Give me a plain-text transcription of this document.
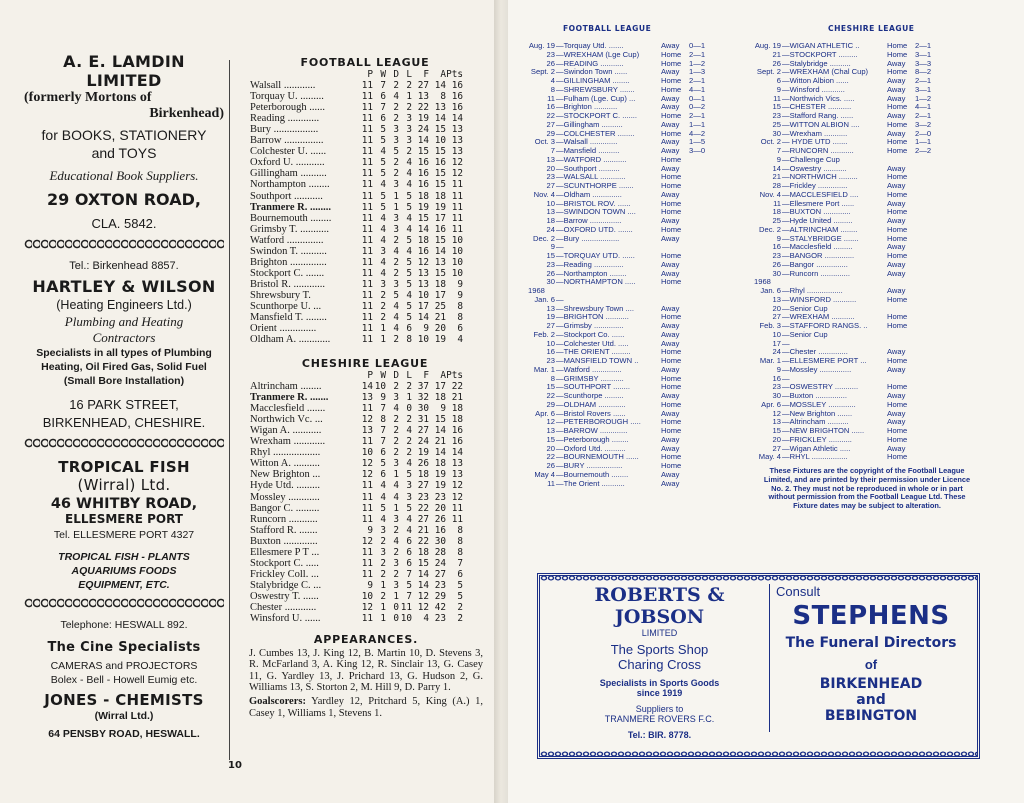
A. E. LAMDIN LIMITED
(formerly Mortons of
Birkenhead)
for BOOKS, STATIONERY
and TOYS
Educational Book Suppliers.
29 OXTON ROAD,
CLA. 5842.
Tel.: Birkenhead 8857.
HARTLEY & WILSON
(Heating Engineers Ltd.)
Plumbing and Heating
Contractors
Specialists in all types of Plumbing
Heating, Oil Fired Gas, Solid Fuel
(Small Bore Installation)
16 PARK STREET,
BIRKENHEAD, CHESHIRE.
TROPICAL FISH
(Wirral) Ltd.
46 WHITBY ROAD,
ELLESMERE PORT
Tel. ELLESMERE PORT 4327
TROPICAL FISH - PLANTS
AQUARIUMS FOODS
EQUIPMENT, ETC.
Telephone: HESWALL 892.
The Cine Specialists
CAMERAS and PROJECTORS
Bolex - Bell - Howell Eumig etc.
JONES - CHEMISTS
(Wirral Ltd.)
64 PENSBY ROAD, HESWALL.
FOOTBALL LEAGUE
P W D L	F	A Pts
Walsall ............	11 7 2 2 27 14 16
Torquay U. .........	11 6 4 1 13	8 16
Peterborough ......	11 7 2 2 22 13 16
Reading ............	11 6 2 3 19 14 14
Bury .................	11 5 3 3 24 15 13
Barrow ...............	11 5 3 3 14 10 13
Colchester U. ......	11 4 5 2 15 15 13
Oxford U. ...........	11 5 2 4 16 16 12
Gillingham ..........	11 5 2 4 16 15 12
Northampton ........	11 4 3 4 16 15 11
Southport ...........	11 5 1 5 18 18 11
Tranmere R. ........	11 5 1 5 19 19 11
Bournemouth ........	11 4 3 4 15 17 11
Grimsby T. ...........	11 4 3 4 14 16 11
Watford ..............	11 4 2 5 18 15 10
Swindon T. ..........	11 3 4 4 16 14 10
Brighton ..............	11 4 2 5 12 13 10
Stockport C. .......	11 4 2 5 13 15 10
Bristol R. ............	11 3 3 5 13 18	9
Shrewsbury T.	11 2 5 4 10 17	9
Scunthorpe U. ...	11 2 4 5 17 25	8
Mansfield T. ........	11 2 4 5 14 21	8
Orient ..............	11 1 4 6	9 20	6
Oldham A. ............	11 1 2 8 10 19	4
CHESHIRE LEAGUE
P W D L	F	A Pts
Altrincham ........	14 10 2 2 37 17 22
Tranmere R. .......	13 9 3 1 32 18 21
Macclesfield .......	11 7 4 0 30	9 18
Northwich Vc. ...	12 8 2 2 31 15 18
Wigan A. ...........	13 7 2 4 27 14 16
Wrexham ............	11 7 2 2 24 21 16
Rhyl ..................	10 6 2 2 19 14 14
Witton A. ..........	12 5 3 4 26 18 13
New Brighton ...	12 6 1 5 18 19 13
Hyde Utd. .........	11 4 4 3 27 19 12
Mossley ............	11 4 4 3 23 23 12
Bangor C. .........	11 5 1 5 22 20 11
Runcorn ...........	11 4 3 4 27 26 11
Stafford R. .......	9 3 2 4 21 16	8
Buxton .............	12 2 4 6 22 30	8
Ellesmere P T ...	11 3 2 6 18 28	8
Stockport C. .....	11 2 3 6 15 24	7
Frickley Coll. ...	11 2 2 7 14 27	6
Stalybridge C. ...	9 1 3 5 14 23	5
Oswestry T. ......	10 2 1 7 12 29	5
Chester ............	12 1 0 11 12 42	2
Winsford U. ......	11 1 0 10	4 23	2
APPEARANCES.
J. Cumbes 13, J. King 12, B. Martin 10, D. Stevens 3, R. McFarland 3, A. King 12, R. Sinclair 13, G. Casey 11, G. Yardley 13, J. Prichard 13, G. Hudson 2, G. Williams 13, S. Storton 2, M. Hill 9, D. Parry 1.
Goalscorers: Yardley 12, Pritchard 5, King (A.) 1, Casey 1, Williams 1, Stevens 1.
10
FOOTBALL LEAGUE	CHESHIRE LEAGUE
Aug. 19 —Torquay Utd. .......	Away	0—1
23 —WREXHAM (Lge Cup)	Home	2—1
26 —READING ...........	Home	1—2
Sept. 2 —Swindon Town ......	Away	1—3
4 —GILLINGHAM ........	Home	2—1
8 —SHREWSBURY .......	Home	4—1
11 —Fulham (Lge. Cup) ...	Away	0—1
16 —Brighton ...........	Away	0—2
22 —STOCKPORT C. .......	Home	2—1
27 —Gillingham ..........	Away	1—1
29 —COLCHESTER ........	Home	4—2
Oct. 3 —Walsall .............	Away	1—5
7 —Mansfield ..........	Away	3—0
13 —WATFORD ...........	Home
20 —Southport ..........	Away
23 —WALSALL ............	Home
27 —SCUNTHORPE .......	Home
Nov. 4 —Oldham ..............	Away
10 —BRISTOL ROV. ......	Home
13 —SWINDON TOWN ....	Home
18 —Barrow ...............	Away
24 —OXFORD UTD. .......	Home
Dec. 2 —Bury ..................	Away
9 —
15 —TORQUAY UTD. ......	Home
23 —Reading ..............	Away
26 —Northampton ........	Away
30 —NORTHAMPTON .....	Home
1968
Jan. 6 —
13 —Shrewsbury Town ....	Away
19 —BRIGHTON ...........	Home
27 —Grimsby ..............	Away
Feb. 2 —Stockport Co. ......	Away
10 —Colchester Utd. .....	Away
16 —THE ORIENT .........	Home
23 —MANSFIELD TOWN ..	Home
Mar. 1 —Watford ..............	Away
8 —GRIMSBY ...........	Home
15 —SOUTHPORT ........	Home
22 —Scunthorpe .........	Away
29 —OLDHAM .............	Home
Apr. 6 —Bristol Rovers ......	Away
12 —PETERBOROUGH .....	Home
13 —BARROW .............	Home
15 —Peterborough ........	Away
20 —Oxford Utd. ..........	Away
22 —BOURNEMOUTH ......	Home
26 —BURY .................	Home
May 4 —Bournemouth ........	Away
11 —The Orient ...........	Away
Aug. 19 —WIGAN ATHLETIC ..	Home	2—1
21 —STOCKPORT .........	Home	3—1
26 —Stalybridge ..........	Away	3—3
Sept. 2 —WREXHAM (Chal Cup)	Home	8—2
6 —Witton Albion ......	Away	2—1
9 —Winsford ...........	Away	3—1
11 —Northwich Vics. .....	Away	1—2
15 —CHESTER ...........	Home	4—1
23 —Stafford Rang. ......	Away	2—1
25 —WITTON ALBION ....	Home	3—2
30 —Wrexham ...........	Away	2—0
Oct. 2 — HYDE UTD .......	Home	1—1
7 —RUNCORN ...........	Home	2—2
9 —Challenge Cup
14 —Oswestry ...........	Away
21 —NORTHWICH .........	Home
28 —Frickley ..............	Away
Nov. 4 —MACCLESFIELD ....	Home
11 —Ellesmere Port ......	Away
18 —BUXTON .............	Home
25 —Hyde United .........	Away
Dec. 2 —ALTRINCHAM ........	Home
9 —STALYBRIDGE .......	Home
16 —Macclesfield .........	Away
23 —BANGOR ..............	Home
26 —Bangor ...............	Away
30 —Runcorn ..............	Away
1968
Jan. 6 —Rhyl .................	Away
13 —WINSFORD ...........	Home
20 —Senior Cup
27 —WREXHAM ...........	Home
Feb. 3 —STAFFORD RANGS. ..	Home
10 —Senior Cup
17 —
24 —Chester ..............	Away
Mar. 1 —ELLESMERE PORT ...	Home
9 —Mossley ...............	Away
16 —
23 —OSWESTRY ...........	Home
30 —Buxton ...............	Away
Apr. 6 —MOSSLEY .............	Home
12 —New Brighton .......	Away
13 —Altrincham ..........	Away
15 —NEW BRIGHTON ......	Home
20 —FRICKLEY ...........	Home
27 —Wigan Athletic .....	Away
May. 4 —RHYL .................	Home
These Fixtures are the copyright of the Football League Limited, and are printed by their permission under Licence No. 2. They must not be reproduced in whole or in part without permission from the Football League Ltd. These Fixture dates may be subject to alteration.
ROBERTS & JOBSON
LIMITED
The Sports Shop
Charing Cross
Specialists in Sports Goods
since 1919
Suppliers to
TRANMERE ROVERS F.C.
Tel.: BIR. 8778.
Consult
STEPHENS
The Funeral Directors
of
BIRKENHEAD
and
BEBINGTON
